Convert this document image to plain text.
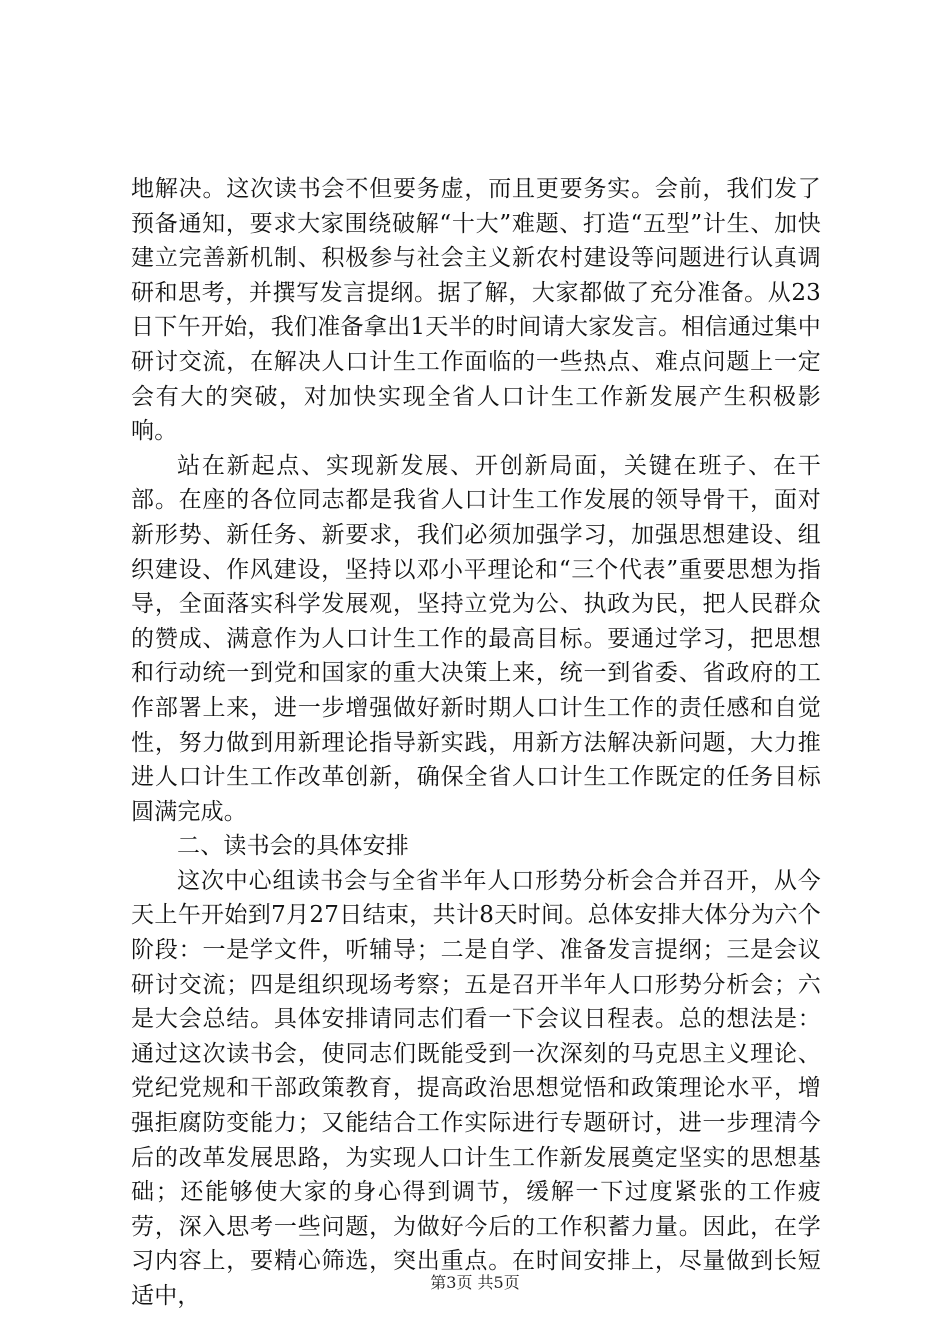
地解决。这次读书会不但要务虚，而且更要务实。会前，我们发了预备通知，要求大家围绕破解“十大”难题、打造“五型”计生、加快建立完善新机制、积极参与社会主义新农村建设等问题进行认真调研和思考，并撰写发言提纲。据了解，大家都做了充分准备。从23日下午开始，我们准备拿出1天半的时间请大家发言。相信通过集中研讨交流，在解决人口计生工作面临的一些热点、难点问题上一定会有大的突破，对加快实现全省人口计生工作新发展产生积极影响。

站在新起点、实现新发展、开创新局面，关键在班子、在干部。在座的各位同志都是我省人口计生工作发展的领导骨干，面对新形势、新任务、新要求，我们必须加强学习，加强思想建设、组织建设、作风建设，坚持以邓小平理论和“三个代表”重要思想为指导，全面落实科学发展观，坚持立党为公、执政为民，把人民群众的赞成、满意作为人口计生工作的最高目标。要通过学习，把思想和行动统一到党和国家的重大决策上来，统一到省委、省政府的工作部署上来，进一步增强做好新时期人口计生工作的责任感和自觉性，努力做到用新理论指导新实践，用新方法解决新问题，大力推进人口计生工作改革创新，确保全省人口计生工作既定的任务目标圆满完成。

二、读书会的具体安排

这次中心组读书会与全省半年人口形势分析会合并召开，从今天上午开始到7月27日结束，共计8天时间。总体安排大体分为六个阶段：一是学文件，听辅导；二是自学、准备发言提纲；三是会议研讨交流；四是组织现场考察；五是召开半年人口形势分析会；六是大会总结。具体安排请同志们看一下会议日程表。总的想法是：通过这次读书会，使同志们既能受到一次深刻的马克思主义理论、党纪党规和干部政策教育，提高政治思想觉悟和政策理论水平，增强拒腐防变能力；又能结合工作实际进行专题研讨，进一步理清今后的改革发展思路，为实现人口计生工作新发展奠定坚实的思想基础；还能够使大家的身心得到调节，缓解一下过度紧张的工作疲劳，深入思考一些问题，为做好今后的工作积蓄力量。因此，在学习内容上，要精心筛选，突出重点。在时间安排上，尽量做到长短适中，

第3页 共5页
